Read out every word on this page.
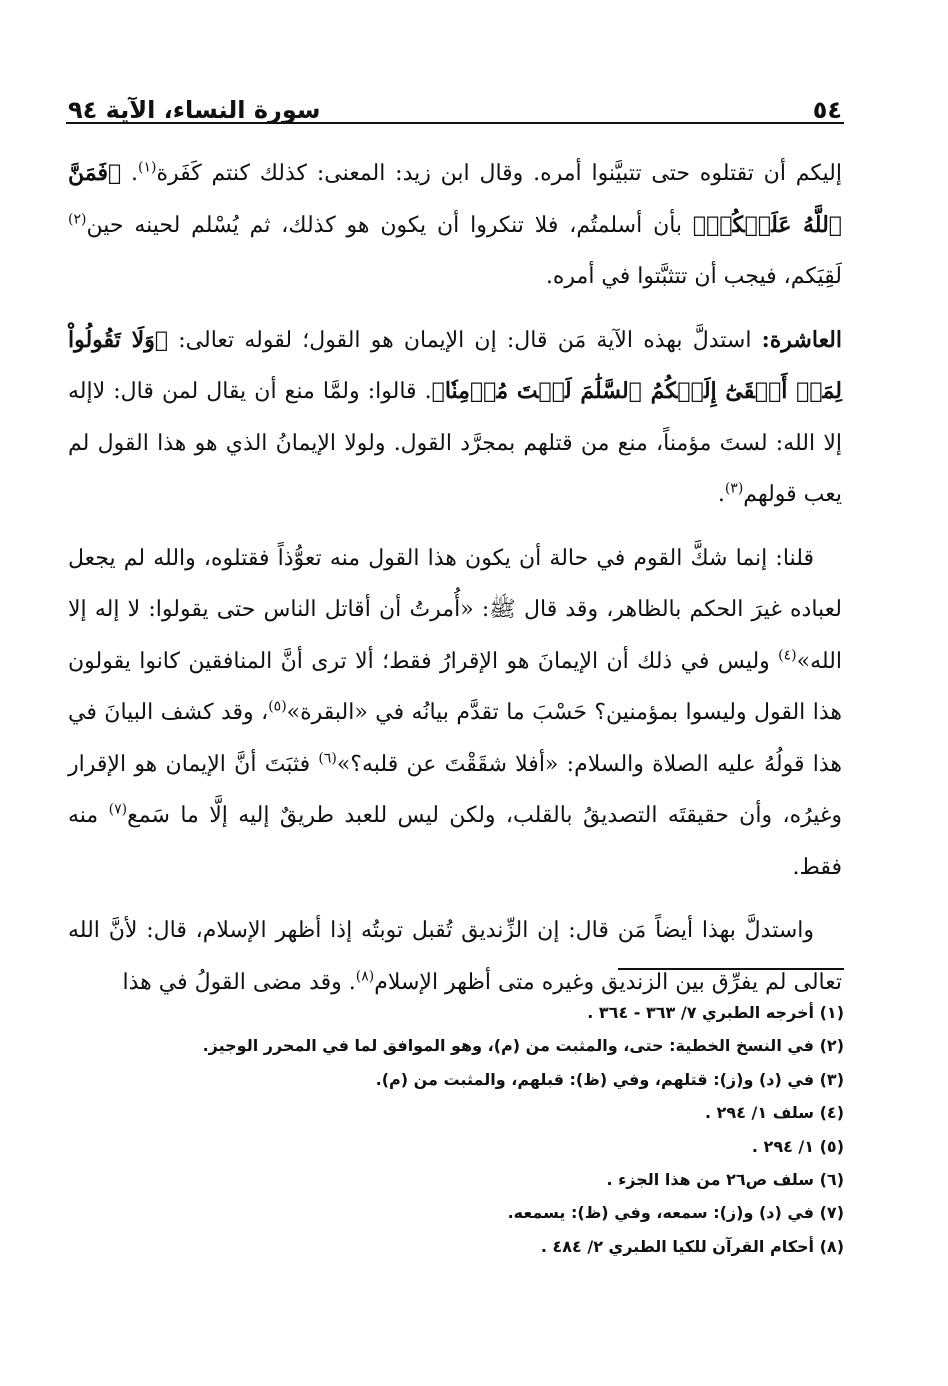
٥٤
سورة النساء، الآية ٩٤

إليكم أن تقتلوه حتى تتبيَّنوا أمره. وقال ابن زيد: المعنى: كذلك كنتم كَفَرة$^{(١)}$. ﴿فَمَنَّ ٱللَّهُ عَلَيۡكُمۡ﴾ بأن أسلمتُم، فلا تنكروا أن يكون هو كذلك، ثم يُسْلم لحينه حين$^{(٢)}$ لَقِيَكم، فيجب أن تتثبَّتوا في أمره.

العاشرة: استدلَّ بهذه الآية مَن قال: إن الإيمان هو القول؛ لقوله تعالى: ﴿وَلَا تَقُولُواْ لِمَنۡ أَلۡقَىٰٓ إِلَيۡكُمُ ٱلسَّلَٰمَ لَسۡتَ مُؤۡمِنٗا﴾. قالوا: ولمَّا منع أن يقال لمن قال: لاإله إلا الله: لستَ مؤمناً، منع من قتلهم بمجرَّد القول. ولولا الإيمانُ الذي هو هذا القول لم يعب قولهم$^{(٣)}$.

قلنا: إنما شكَّ القوم في حالة أن يكون هذا القول منه تعوُّذاً فقتلوه، والله لم يجعل لعباده غيرَ الحكم بالظاهر، وقد قال ﷺ: «أُمرتُ أن أقاتل الناس حتى يقولوا: لا إله إلا الله»$^{(٤)}$ وليس في ذلك أن الإيمانَ هو الإقرارُ فقط؛ ألا ترى أنَّ المنافقين كانوا يقولون هذا القول وليسوا بمؤمنين؟ حَسْبَ ما تقدَّم بيانُه في «البقرة»$^{(٥)}$، وقد كشف البيانَ في هذا قولُهُ عليه الصلاة والسلام: «أفلا شقَقْتَ عن قلبه؟»$^{(٦)}$ فثبَتَ أنَّ الإيمان هو الإقرار وغيرُه، وأن حقيقتَه التصديقُ بالقلب، ولكن ليس للعبد طريقٌ إليه إلَّا ما سَمع$^{(٧)}$ منه فقط.

واستدلَّ بهذا أيضاً مَن قال: إن الزِّنديق تُقبل توبتُه إذا أظهر الإسلام، قال: لأنَّ الله تعالى لم يفرِّق بين الزنديق وغيره متى أظهر الإسلام$^{(٨)}$. وقد مضى القولُ في هذا

(١) أخرجه الطبري ٧/ ٣٦٣ - ٣٦٤ .
(٢) في النسخ الخطية: حتى، والمثبت من (م)، وهو الموافق لما في المحرر الوجيز.
(٣) في (د) و(ز): قتلهم، وفي (ظ): قبلهم، والمثبت من (م).
(٤) سلف ١/ ٢٩٤ .
(٥) ١/ ٢٩٤ .
(٦) سلف ص٢٦ من هذا الجزء .
(٧) في (د) و(ز): سمعه، وفي (ظ): يسمعه.
(٨) أحكام القرآن للكيا الطبري ٢/ ٤٨٤ .
